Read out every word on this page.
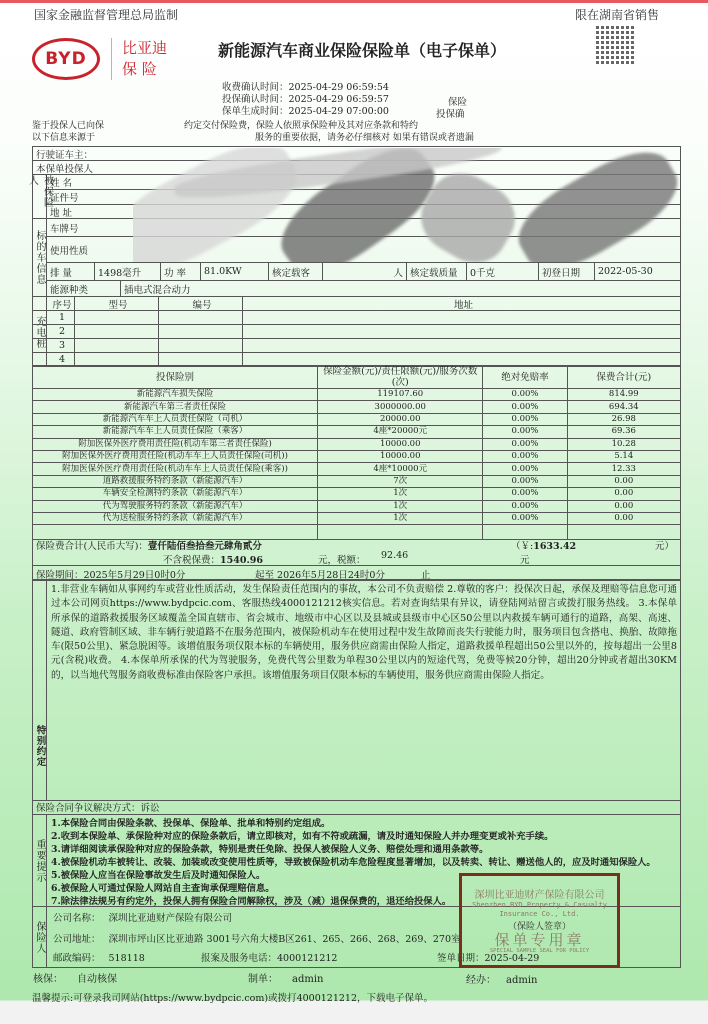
国家金融监督管理总局监制	限在湖南省销售
BYD
比亚迪
保 险
新能源汽车商业保险保险单（电子保单）
收费确认时间：2025-04-29 06:59:54
投保确认时间：2025-04-29 06:59:57
保单生成时间：2025-04-29 07:00:00
保险
投保确
鉴于投保人已向保	约定交付保险费，保险人依照承保险种及其对应条款和特约
以下信息来源于	服务的重要依据，请务必仔细核对 如果有错误或者遗漏
行驶证车主：
本保单投保人
被保险人	姓 名
证件号
地 址
标的车信息
车牌号
使用性质
排 量	1498毫升	功 率	81.0KW	核定载客	人 核定载质量	0千克	初登日期	2022-05-30
能源种类	插电式混合动力
充电桩
序号	型号	编号	地址
1
2
3
4
投保险别	保险金额(元)/责任限额(元)/服务次数(次)	绝对免赔率	保费合计(元)
新能源汽车损失保险	119107.60	0.00%	814.99
新能源汽车第三者责任保险	3000000.00	0.00%	694.34
新能源汽车车上人员责任保险（司机）	20000.00	0.00%	26.98
新能源汽车车上人员责任保险（乘客）	4座*20000元	0.00%	69.36
附加医保外医疗费用责任险(机动车第三者责任保险)	10000.00	0.00%	10.28
附加医保外医疗费用责任险(机动车车上人员责任保险(司机))	10000.00	0.00%	5.14
附加医保外医疗费用责任险(机动车车上人员责任保险(乘客))	4座*10000元	0.00%	12.33
道路救援服务特约条款（新能源汽车）	7次	0.00%	0.00
车辆安全检测特约条款（新能源汽车）	1次	0.00%	0.00
代为驾驶服务特约条款（新能源汽车）	1次	0.00%	0.00
代为送检服务特约条款（新能源汽车）	1次	0.00%	0.00

保险费合计(人民币大写)：壹仟陆佰叁拾叁元肆角贰分	（￥:1633.42	元）
不含税保费：1540.96	元，税额： 92.46	元
保险期间：2025年5月29日0时0分	起至 2026年5月28日24时0分	止
特别约定
1.非营业车辆如从事网约车或营业性质活动，发生保险责任范围内的事故，本公司不负责赔偿 2.尊敬的客户：投保次日起，承保及理赔等信息您可通过本公司网页https://www.bydpcic.com、客服热线4000121212核实信息。若对查询结果有异议，请登陆网站留言或拨打服务热线。 3.本保单所承保的道路救援服务区域覆盖全国直辖市、省会城市、地级市中心区以及县城或县级市中心区50公里以内救援车辆可通行的道路，高架、高速、隧道、政府管制区域、非车辆行驶道路不在服务范围内，被保险机动车在使用过程中发生故障而丧失行驶能力时，服务项目包含搭电、换胎、故障拖车(限50公里)、紧急脱困等。该增值服务项仅限本标的车辆使用，服务供应商需由保险人指定，道路救援单程超出50公里以外的，按每超出一公里8元(含税)收费。 4.本保单所承保的代为驾驶服务，免费代驾公里数为单程30公里以内的短途代驾，免费等候20分钟，超出20分钟或者超出30KM的，以当地代驾服务商收费标准由保险客户承担。该增值服务项目仅限本标的车辆使用，服务供应商需由保险人指定。
保险合同争议解决方式：诉讼
重要提示
1.本保险合同由保险条款、投保单、保险单、批单和特别约定组成。
2.收到本保险单、承保险种对应的保险条款后，请立即核对，如有不符或疏漏，请及时通知保险人并办理变更或补充手续。
3.请详细阅读承保险种对应的保险条款，特别是责任免除、投保人被保险人义务、赔偿处理和通用条款等。
4.被保险机动车被转让、改装、加装或改变使用性质等，导致被保险机动车危险程度显著增加，以及转卖、转让、赠送他人的，应及时通知保险人。
5.被保险人应当在保险事故发生后及时通知保险人。
6.被保险人可通过保险人网站自主查询承保理赔信息。
7.除法律法规另有约定外，投保人拥有保险合同解除权，涉及（减）退保保费的，退还给投保人。
保险人
公司名称： 深圳比亚迪财产保险有限公司
公司地址： 深圳市坪山区比亚迪路 3001号六角大楼B区261、265、266、268、269、270室
邮政编码： 518118	报案及服务电话：4000121212	签单日期：2025-04-29
深圳比亚迪财产保险有限公司
Shenzhen BYD Property & Casualty
Insurance Co., Ltd.
（保险人签章）
保单专用章
SPECIAL SAMPLE SEAL FOR POLICY
核保： 自动核保	制单： admin	经办： admin
温馨提示:可登录我司网站(https://www.bydpcic.com)或拨打4000121212，下载电子保单。
